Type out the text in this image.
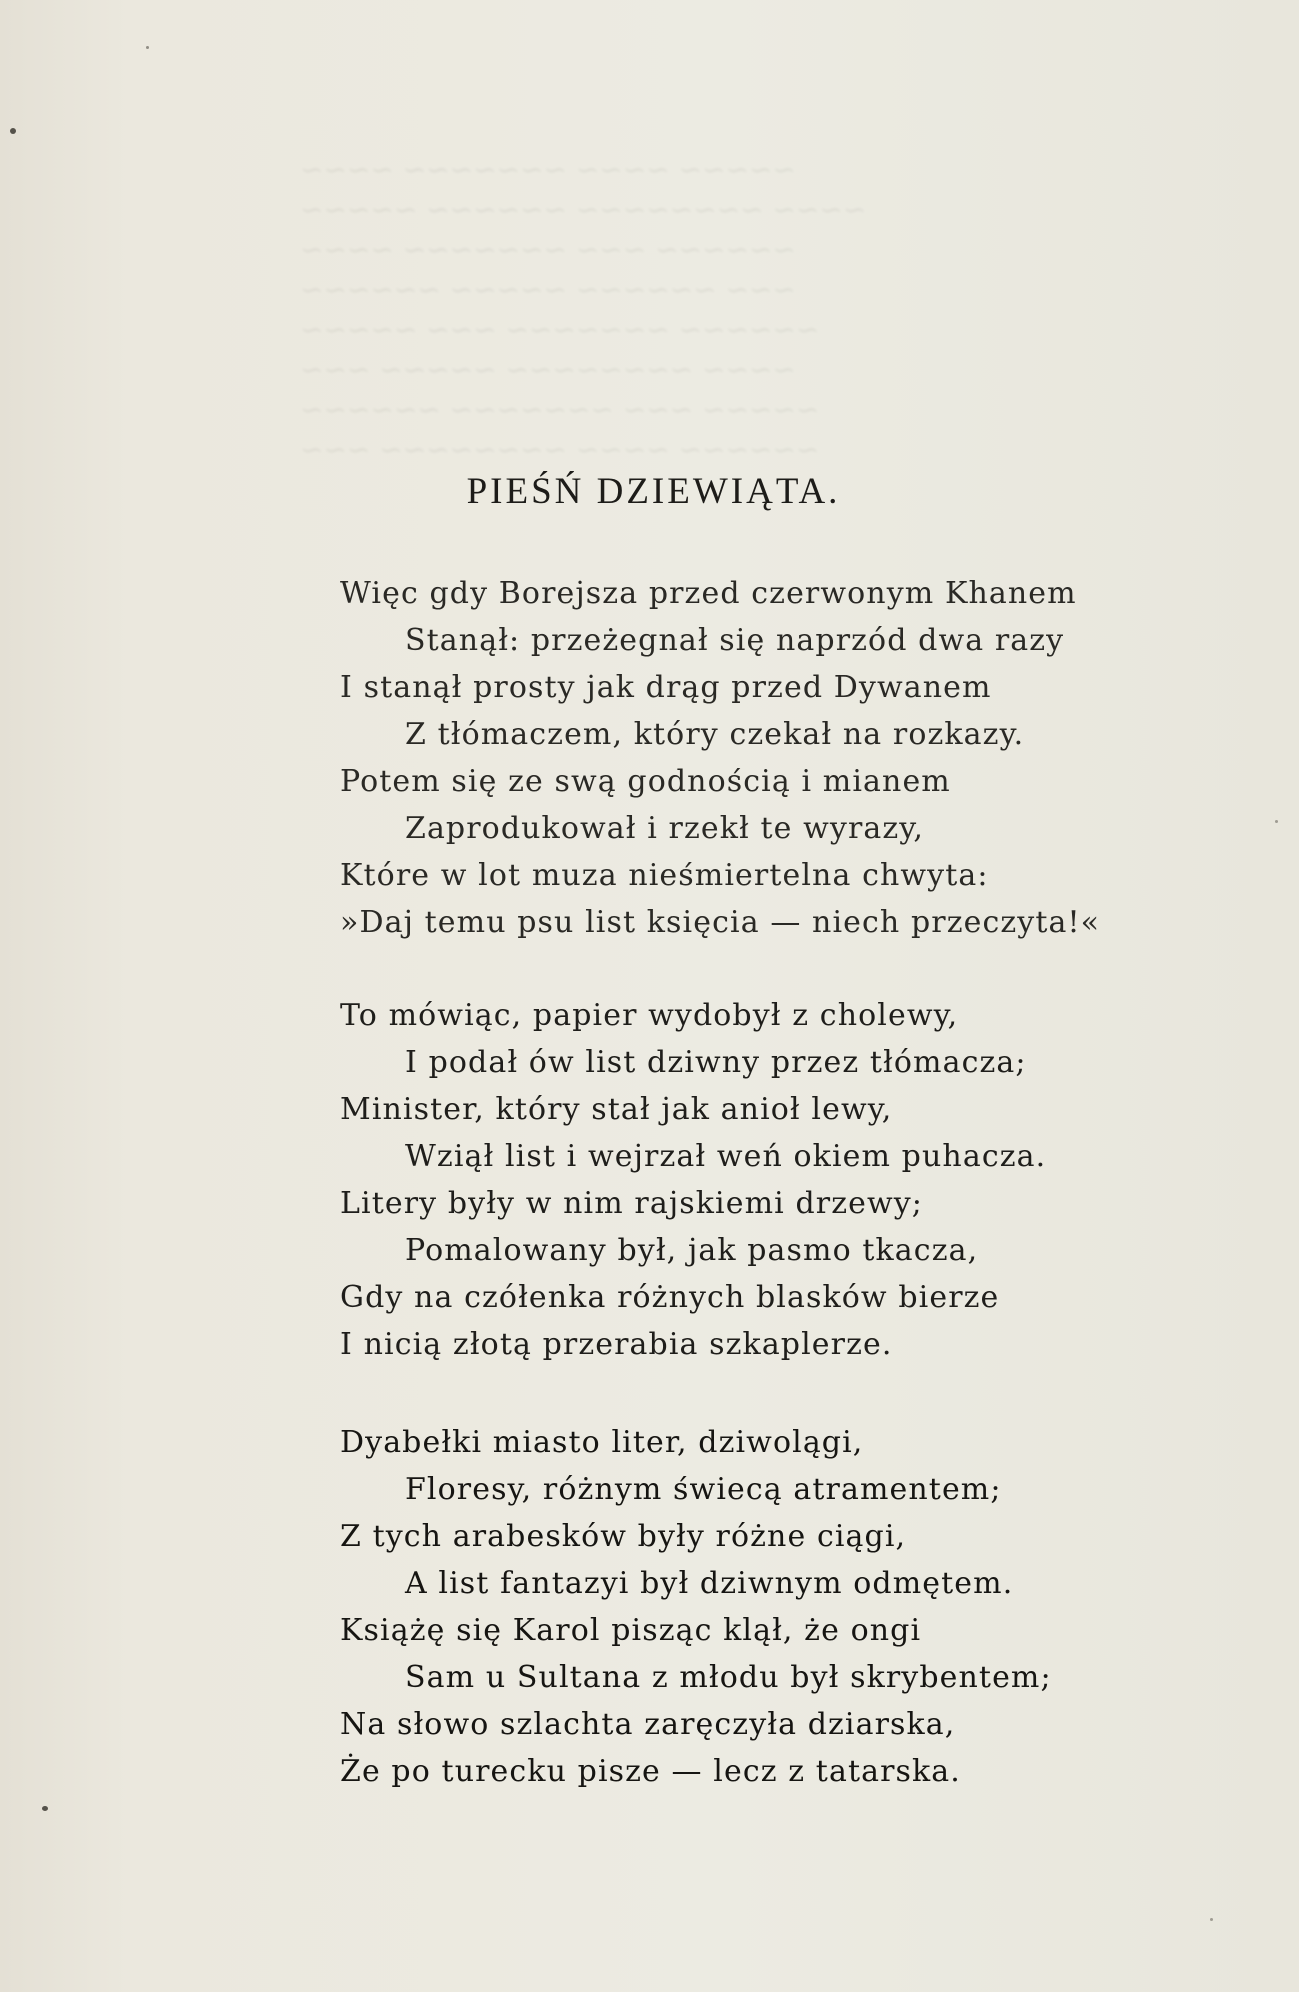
~~~~~ ~~~~ ~~~~~~~ ~~~~
~~~~ ~~~~~~~~ ~~~~~~ ~~~~~
~~~~~~ ~~~ ~~~~~~~ ~~~~
~~~ ~~~~~~ ~~~~~ ~~~~~~
~~~~~~ ~~~~~~~ ~~~ ~~~~~
~~~~ ~~~~~~~~ ~~~~~ ~~~
~~~~~ ~~~ ~~~~~~~ ~~~~~~
~~~~~~ ~~~~ ~~~~~~~~ ~~~
PIEŚŃ DZIEWIĄTA.
Więc gdy Borejsza przed czerwonym Khanem
Stanął: przeżegnał się naprzód dwa razy
I stanął prosty jak drąg przed Dywanem
Z tłómaczem, który czekał na rozkazy.
Potem się ze swą godnością i mianem
Zaprodukował i rzekł te wyrazy,
Które w lot muza nieśmiertelna chwyta:
»Daj temu psu list księcia — niech przeczyta!«
To mówiąc, papier wydobył z cholewy,
I podał ów list dziwny przez tłómacza;
Minister, który stał jak anioł lewy,
Wziął list i wejrzał weń okiem puhacza.
Litery były w nim rajskiemi drzewy;
Pomalowany był, jak pasmo tkacza,
Gdy na czółenka różnych blasków bierze
I nicią złotą przerabia szkaplerze.
Dyabełki miasto liter, dziwolągi,
Floresy, różnym świecą atramentem;
Z tych arabesków były różne ciągi,
A list fantazyi był dziwnym odmętem.
Książę się Karol pisząc klął, że ongi
Sam u Sultana z młodu był skrybentem;
Na słowo szlachta zaręczyła dziarska,
Że po turecku pisze — lecz z tatarska.
